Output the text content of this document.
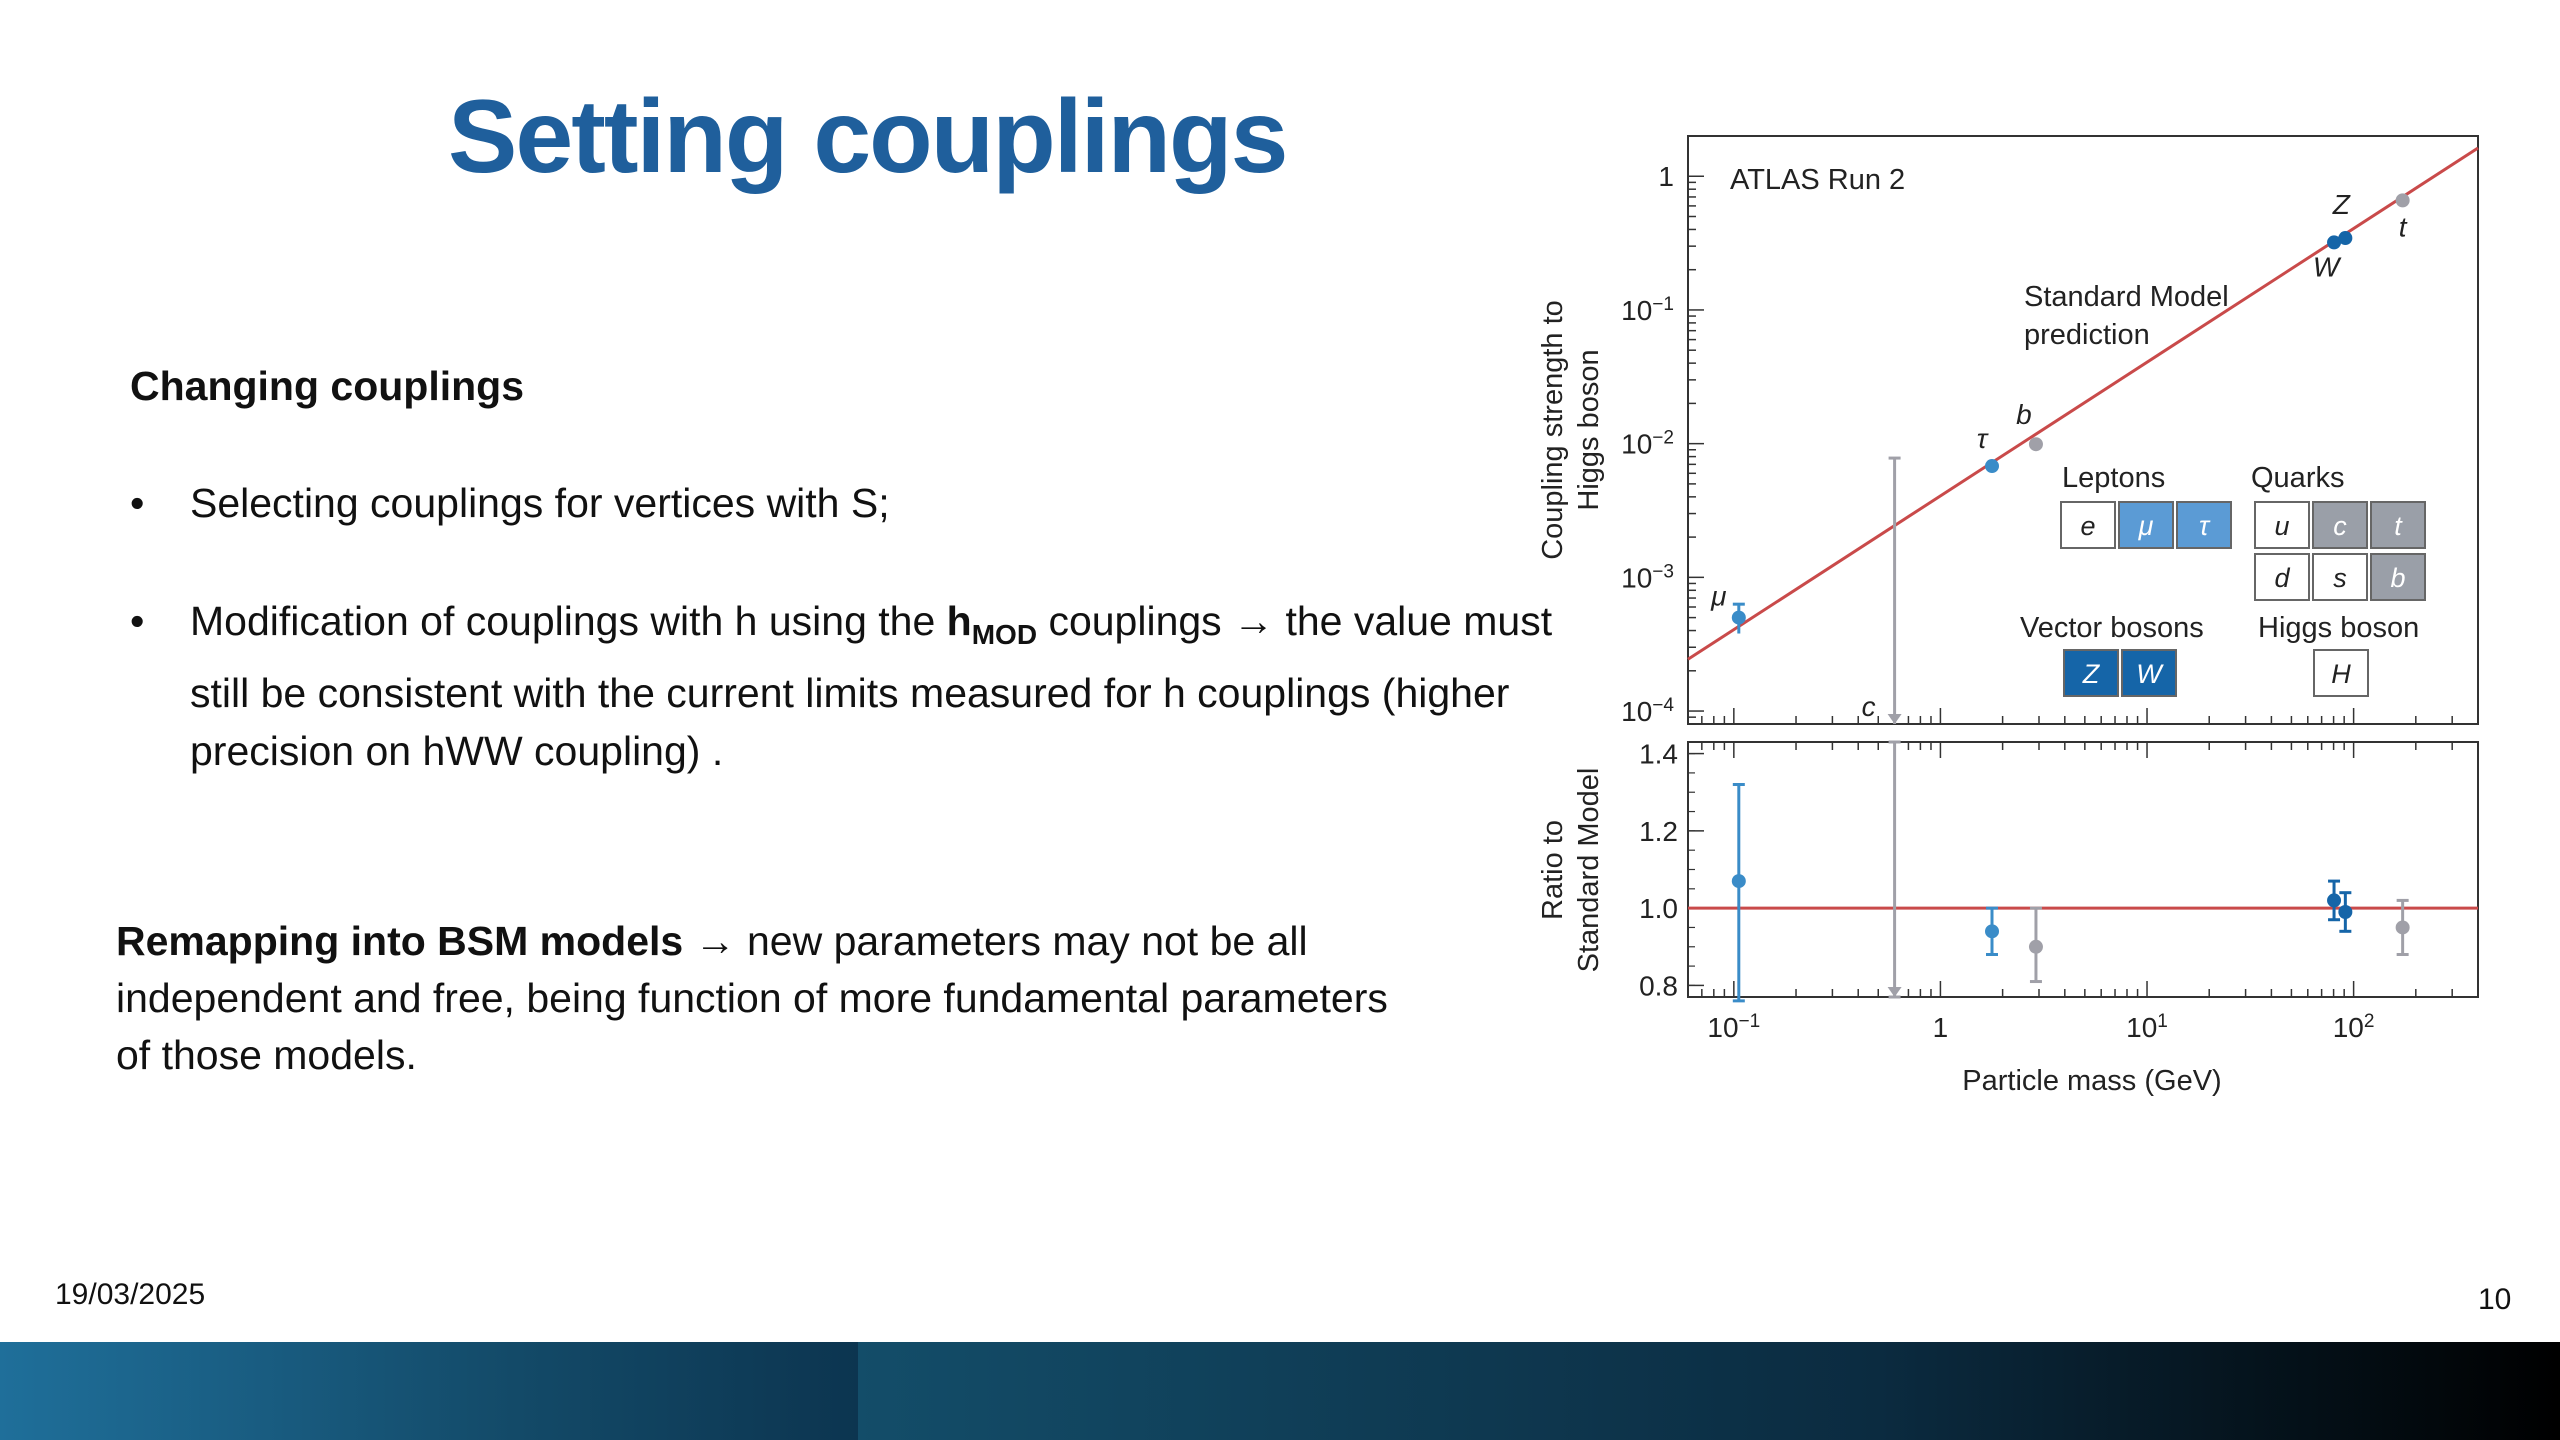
Setting couplings
Changing couplings
•	Selecting couplings for vertices with S;
•	Modification of couplings with h using the $h_{MOD}$ couplings → the value must still be consistent with the current limits measured for h couplings (higher precision on hWW coupling) .
Remapping into BSM models → new parameters may not be all independent and free, being function of more fundamental parameters of those models.
1
$10^{-1}$
$10^{-2}$
$10^{-3}$
$10^{-4}$
1.4
1.2
1.0
0.8
$10^{-1}$	1	$10^1$	$10^2$
Particle mass (GeV)
Coupling strength to Higgs boson
Ratio to Standard Model
ATLAS Run 2
Standard Model
prediction
μ
c
τ
b
W
Z
t
Leptons
e μ τ
Quarks
u c t
d s b
Vector bosons
Z W
Higgs boson
H
19/03/2025	10
